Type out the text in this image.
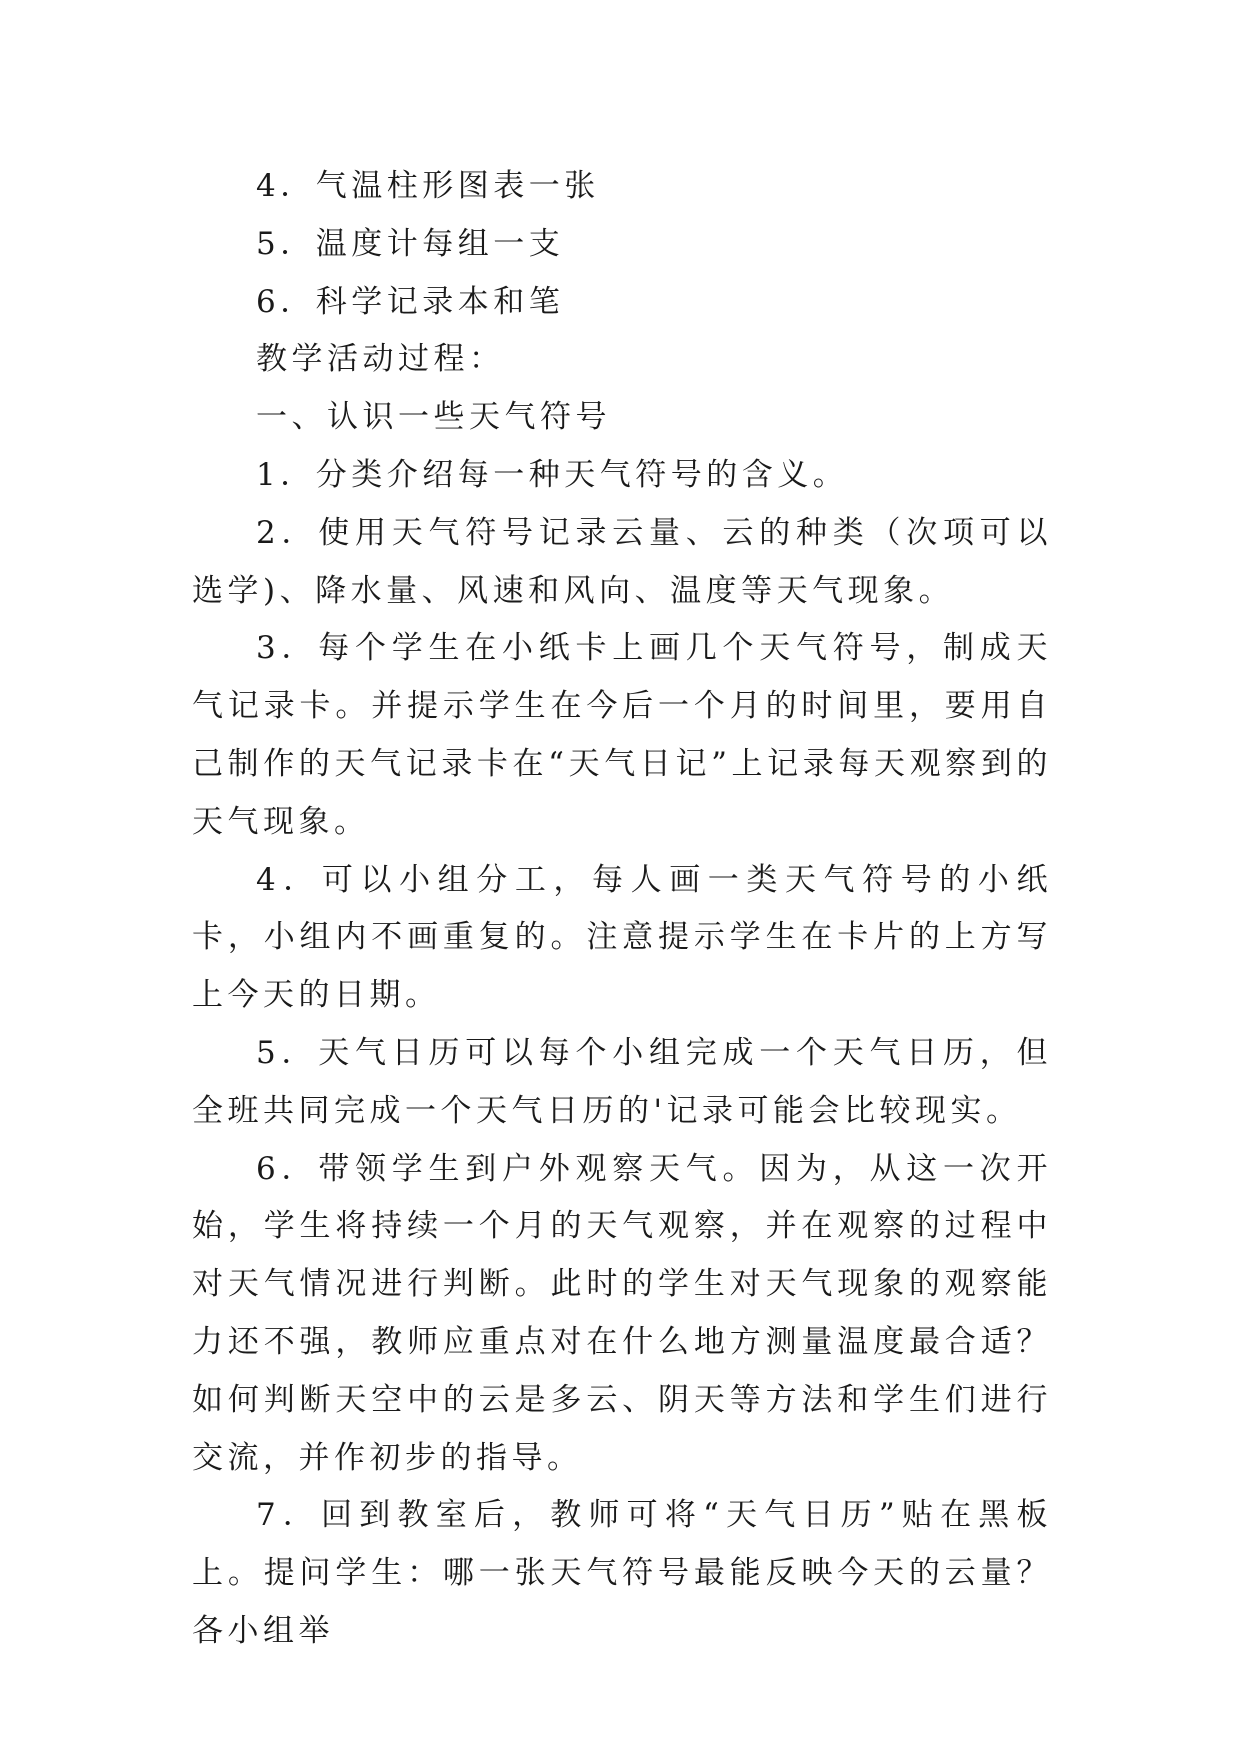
4．气温柱形图表一张

5．温度计每组一支

6．科学记录本和笔

教学活动过程：

一、认识一些天气符号

1．分类介绍每一种天气符号的含义。

2．使用天气符号记录云量、云的种类（次项可以选学)、降水量、风速和风向、温度等天气现象。

3．每个学生在小纸卡上画几个天气符号，制成天气记录卡。并提示学生在今后一个月的时间里，要用自己制作的天气记录卡在“天气日记”上记录每天观察到的天气现象。

4．可以小组分工，每人画一类天气符号的小纸卡，小组内不画重复的。注意提示学生在卡片的上方写上今天的日期。

5．天气日历可以每个小组完成一个天气日历，但全班共同完成一个天气日历的'记录可能会比较现实。

6．带领学生到户外观察天气。因为，从这一次开始，学生将持续一个月的天气观察，并在观察的过程中对天气情况进行判断。此时的学生对天气现象的观察能力还不强，教师应重点对在什么地方测量温度最合适？如何判断天空中的云是多云、阴天等方法和学生们进行交流，并作初步的指导。

7．回到教室后，教师可将“天气日历”贴在黑板上。提问学生：哪一张天气符号最能反映今天的云量？各小组举
